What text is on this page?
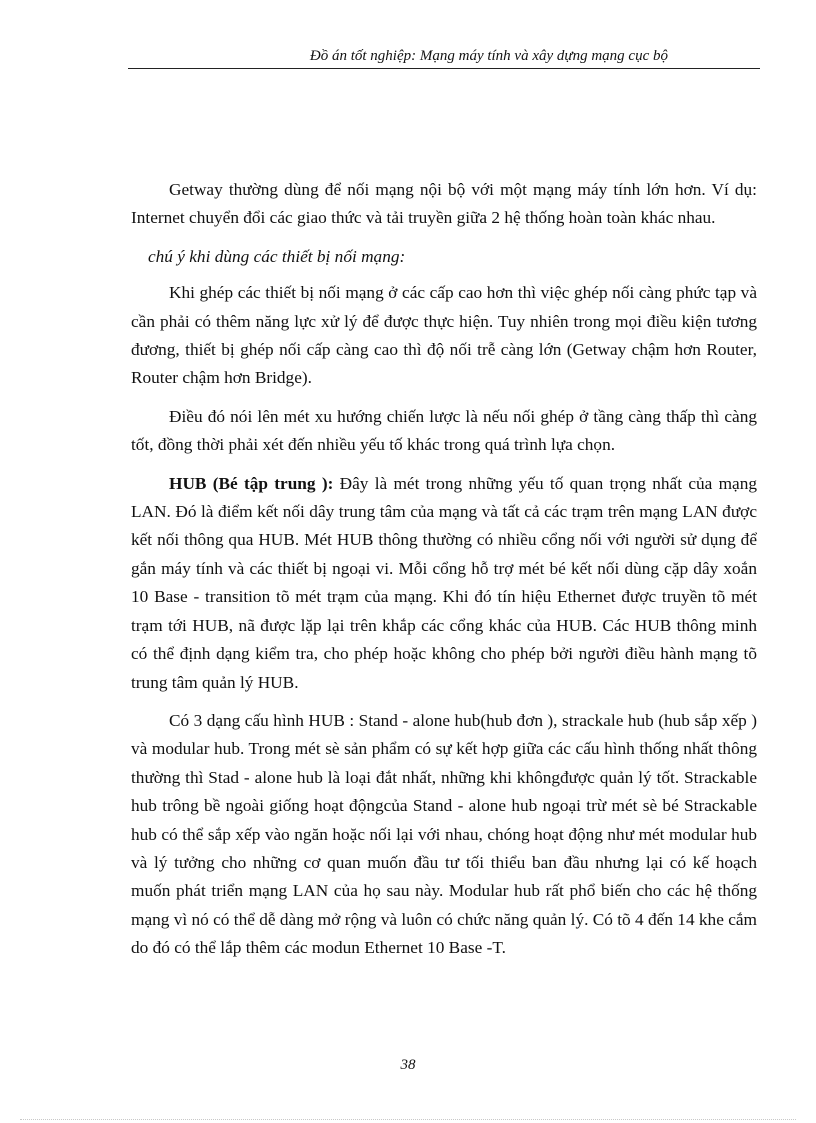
Đồ án tốt nghiệp: Mạng máy tính và xây dựng mạng cục bộ

Getway thường dùng để nối mạng nội bộ với một mạng máy tính lớn hơn. Ví dụ: Internet chuyển đổi các giao thức và tải truyền giữa 2 hệ thống hoàn toàn khác nhau.

chú ý khi dùng các thiết bị nối mạng:

Khi ghép các thiết bị nối mạng ở các cấp cao hơn thì việc ghép nối càng phức tạp và cần phải có thêm năng lực xử lý để được thực hiện. Tuy nhiên trong mọi điều kiện tương đương, thiết bị ghép nối cấp càng cao thì độ nối trễ càng lớn (Getway chậm hơn Router, Router chậm hơn Bridge).

Điều đó nói lên mét xu hướng chiến lược là nếu nối ghép ở tầng càng thấp thì càng tốt, đồng thời phải xét đến nhiều yếu tố khác trong quá trình lựa chọn.

HUB (Bé tập trung ): Đây là mét trong những yếu tố quan trọng nhất của mạng LAN. Đó là điểm kết nối dây trung tâm của mạng và tất cả các trạm trên mạng LAN được kết nối thông qua HUB. Mét HUB thông thường có nhiều cổng nối với người sử dụng để gắn máy tính và các thiết bị ngoại vi. Mỗi cổng hỗ trợ mét bé kết nối dùng cặp dây xoắn 10 Base - transition tõ mét trạm của mạng. Khi đó tín hiệu Ethernet được truyền tõ mét trạm tới HUB, nã được lặp lại trên khắp các cổng khác của HUB. Các HUB thông minh có thể định dạng kiểm tra, cho phép hoặc không cho phép bởi người điều hành mạng tõ trung tâm quản lý HUB.

Có 3 dạng cấu hình HUB : Stand - alone hub(hub đơn ), strackale hub (hub sắp xếp ) và modular hub. Trong mét sè sản phẩm có sự kết hợp giữa các cấu hình thống nhất thông thường thì Stad - alone hub là loại đắt nhất, những khi khôngđược quản lý tốt. Strackable hub trông bề ngoài giống hoạt độngcủa Stand - alone hub ngoại trừ mét sè bé Strackable hub có thể sắp xếp vào ngăn hoặc nối lại với nhau, chóng hoạt động như mét modular hub và lý tưởng cho những cơ quan muốn đầu tư tối thiểu ban đầu nhưng lại có kế hoạch muốn phát triển mạng LAN của họ sau này. Modular hub rất phổ biến cho các hệ thống mạng vì nó có thể dễ dàng mở rộng và luôn có chức năng quản lý. Có tõ 4 đến 14 khe cắm do đó có thể lắp thêm các modun Ethernet 10 Base -T.

38
